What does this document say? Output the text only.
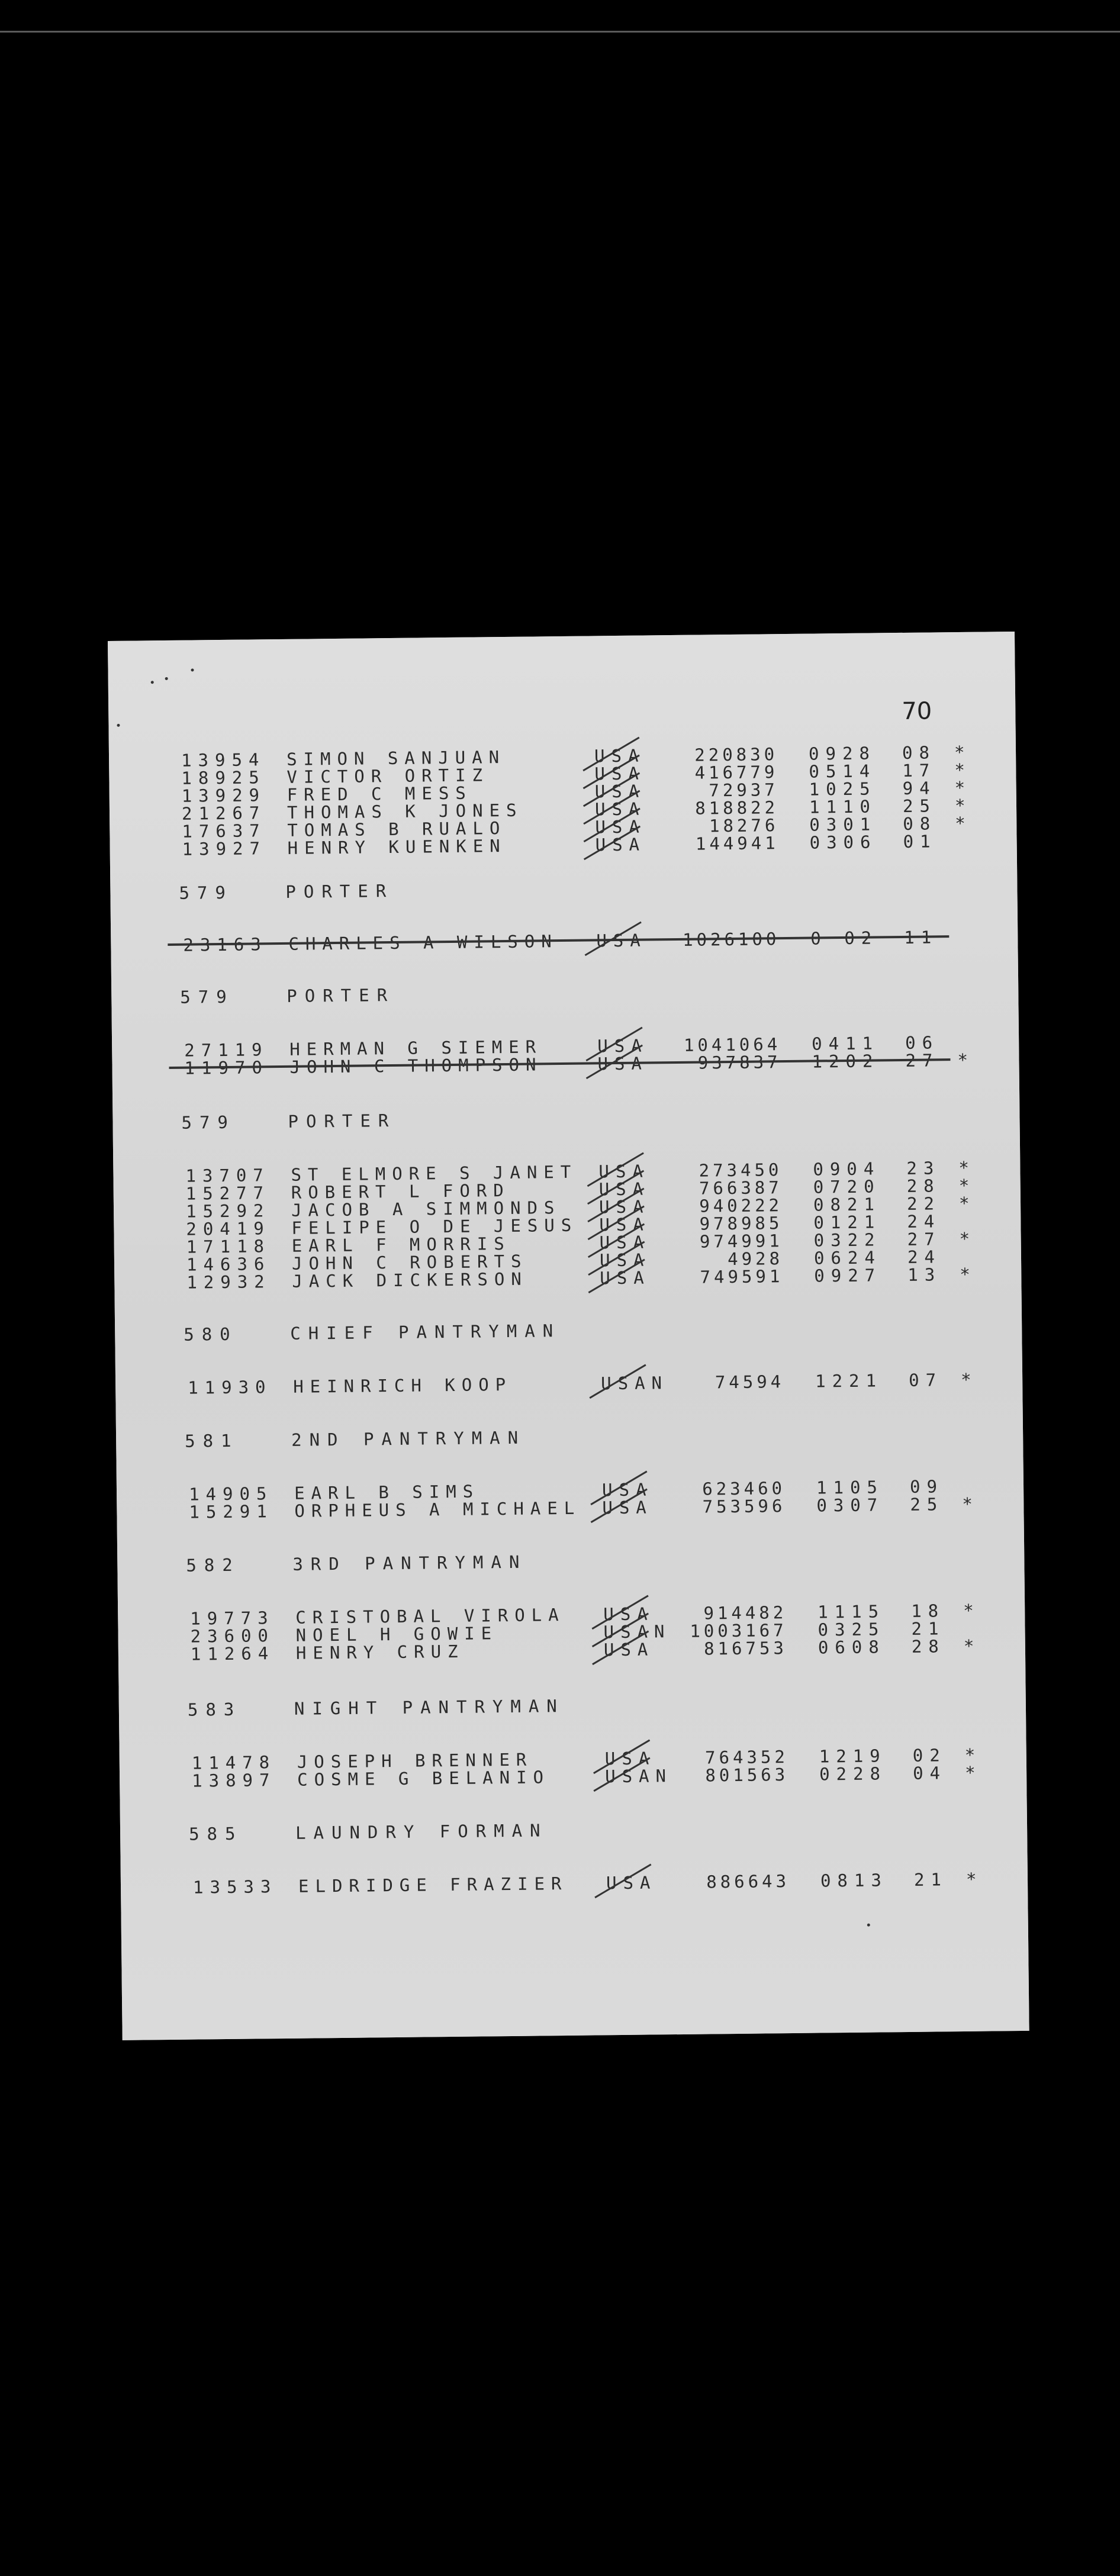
70
13954 SIMON SANJUAN	USA	220830 0928 08 *
18925 VICTOR ORTIZ	USA	416779 0514 17 *
13929 FRED C MESS	USA	72937 1025 94 *
21267 THOMAS K JONES	USA	818822 1110 25 *
17637 TOMAS B RUALO	USA	18276 0301 08 *
13927 HENRY KUENKEN	USA	144941 0306 01
579	PORTER
23163 CHARLES A WILSON USA	1026100 0 02 11
579	PORTER
27119 HERMAN G SIEMER	USA	1041064 0411 06
11970 JOHN C THOMPSON	USA	937837 1202 27 *
579	PORTER
13707 ST ELMORE S JANET USA	273450 0904 23 *
15277 ROBERT L FORD	USA	766387 0720 28 *
15292 JACOB A SIMMONDS USA	940222 0821 22 *
20419 FELIPE O DE JESUS USA	978985 0121 24
17118 EARL F MORRIS	USA	974991 0322 27 *
14636 JOHN C ROBERTS	USA	4928 0624 24
12932 JACK DICKERSON	USA	749591 0927 13 *
580	CHIEF PANTRYMAN
11930 HEINRICH KOOP	USAN	74594 1221 07 *
581	2ND PANTRYMAN
14905 EARL B SIMS	USA	623460 1105 09
15291 ORPHEUS A MICHAEL USA	753596 0307 25 *
582	3RD PANTRYMAN
19773 CRISTOBAL VIROLA USA	914482 1115 18 *
23600 NOEL H GOWIE	USAN	1003167 0325 21
11264 HENRY CRUZ	USA	816753 0608 28 *
583	NIGHT PANTRYMAN
11478 JOSEPH BRENNER	USA	764352 1219 02 *
13897 COSME G BELANIO	USAN	801563 0228 04 *
585	LAUNDRY FORMAN
13533 ELDRIDGE FRAZIER USA	886643 0813 21 *
